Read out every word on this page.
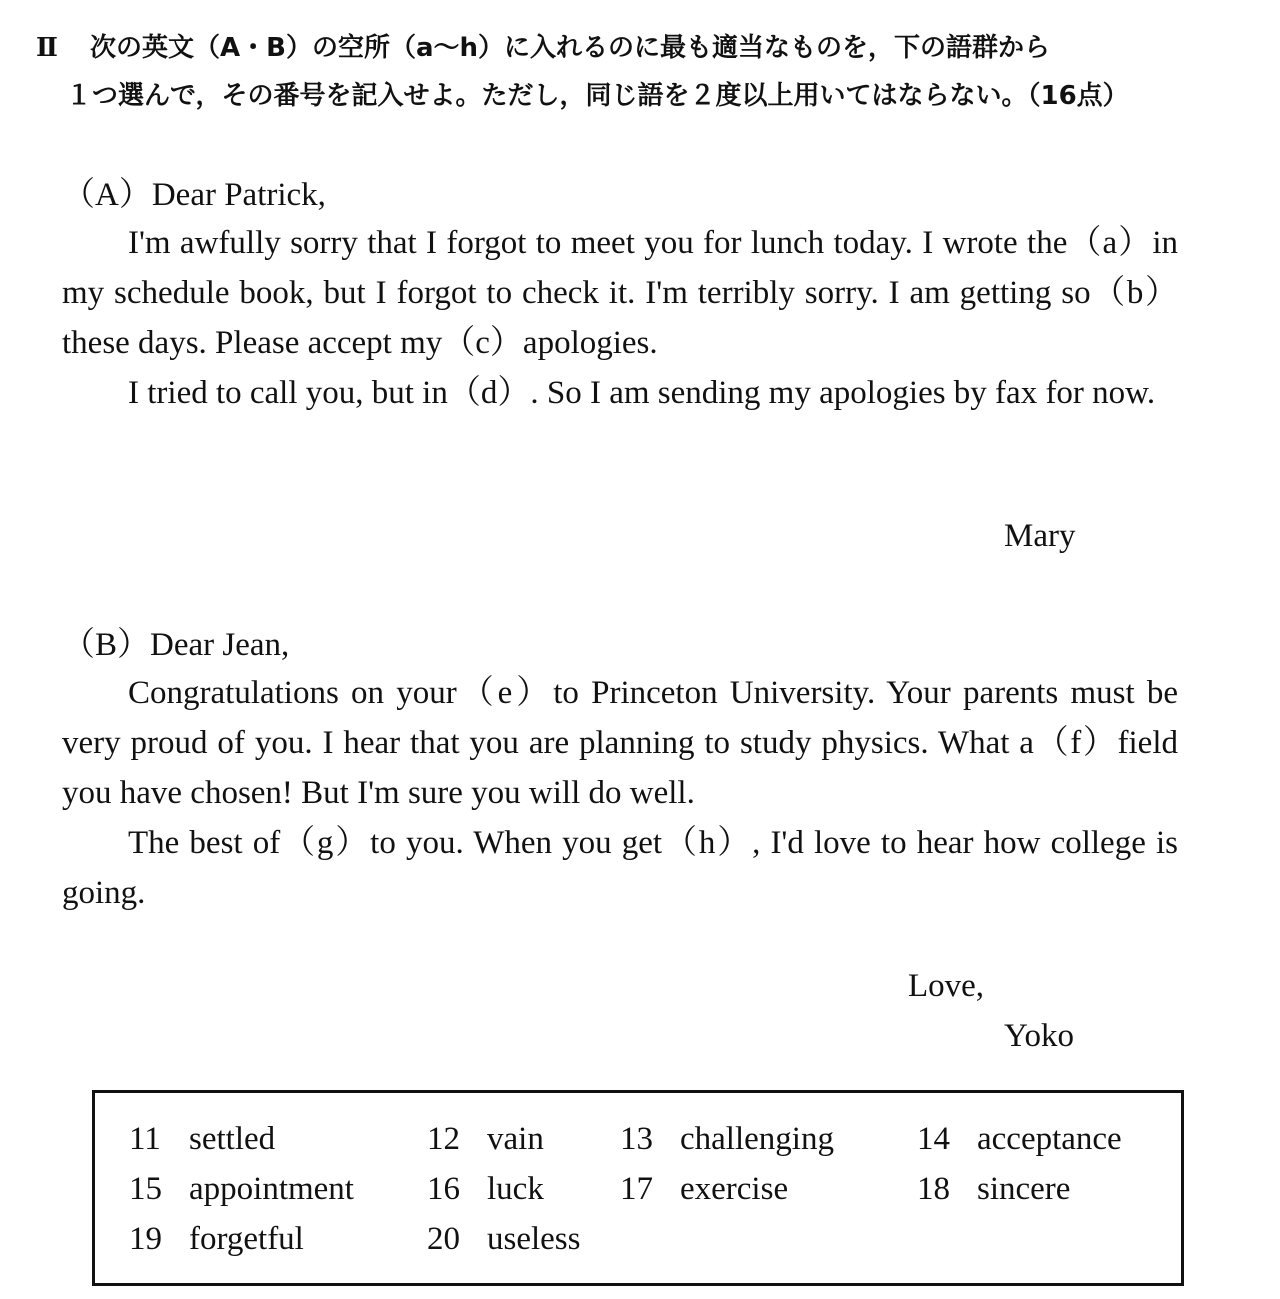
Ⅱ 次の英文（A・B）の空所（a～h）に入れるのに最も適当なものを，下の語群から
１つ選んで，その番号を記入せよ。ただし，同じ語を２度以上用いてはならない。（16点）
（A）Dear Patrick,

I'm awfully sorry that I forgot to meet you for lunch today. I wrote the（a）in my schedule book, but I forgot to check it. I'm terribly sorry. I am getting so（b）these days. Please accept my（c）apologies.

I tried to call you, but in（d）. So I am sending my apologies by fax for now.

Mary
（B）Dear Jean,

Congratulations on your（e）to Princeton University. Your parents must be very proud of you. I hear that you are planning to study physics. What a（f）field you have chosen! But I'm sure you will do well.

The best of（g）to you. When you get（h）, I'd love to hear how college is going.

Love,
Yoko
11 settled	12 vain 13 challenging	14 acceptance
15 appointment 16 luck 17 exercise	18 sincere
19 forgetful	20 useless
